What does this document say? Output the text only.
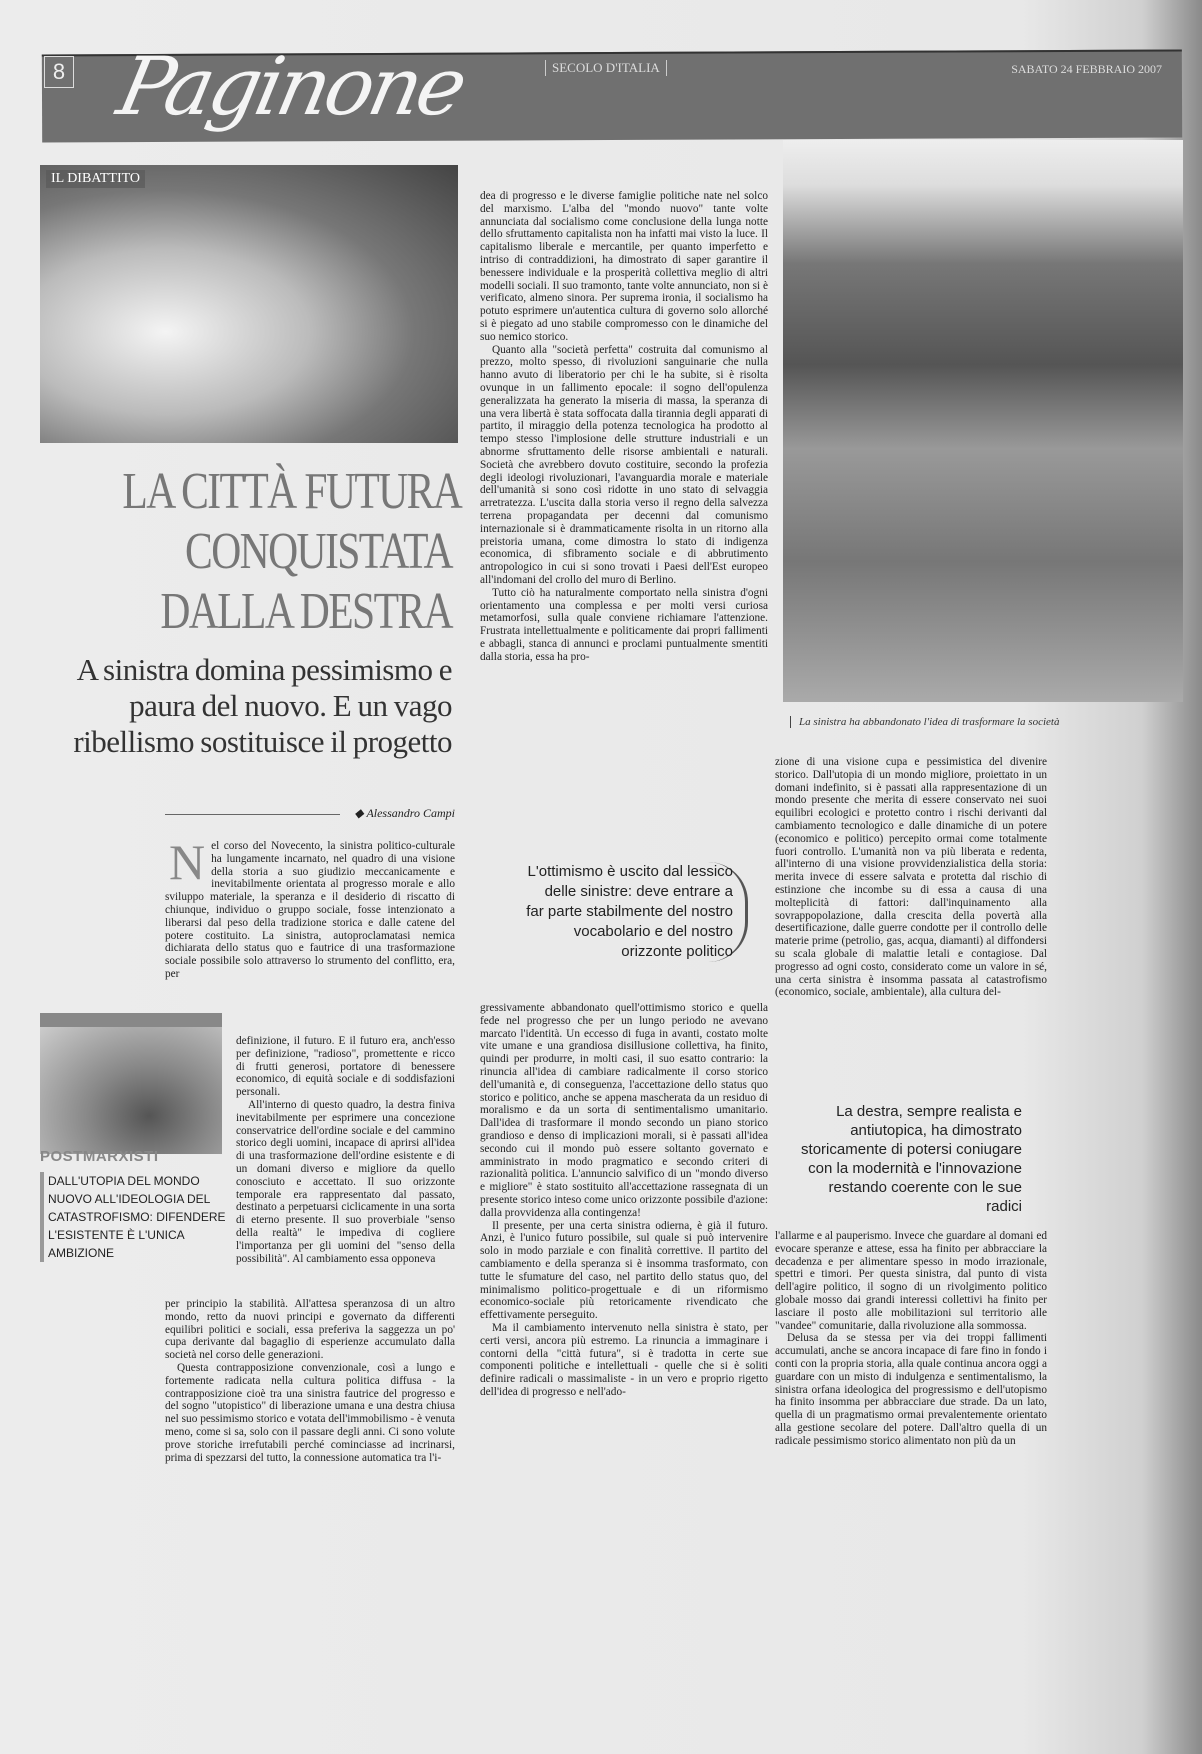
8 Paginone	SECOLO D'ITALIA	SABATO 24 FEBBRAIO 2007
IL DIBATTITO
LA CITTÀ FUTURA
CONQUISTATA
DALLA DESTRA
A sinistra domina pessimismo e paura del nuovo. E un vago ribellismo sostituisce il progetto
◆ Alessandro Campi
N el corso del Novecento, la sinistra politico-culturale ha lungamente incarnato, nel quadro di una visione della storia a suo giudizio meccanicamente e inevitabilmente orientata al progresso morale e allo sviluppo materiale, la speranza e il desiderio di riscatto di chiunque, individuo o gruppo sociale, fosse intenzionato a liberarsi dal peso della tradizione storica e dalle catene del potere costituito. La sinistra, autoproclamatasi nemica dichiarata dello status quo e fautrice di una trasformazione sociale possibile solo attraverso lo strumento del conflitto, era, per

definizione, il futuro. E il futuro era, anch'esso per definizione, "radioso", promettente e ricco di frutti generosi, portatore di benessere economico, di equità sociale e di soddisfazioni personali.

All'interno di questo quadro, la destra finiva inevitabilmente per esprimere una concezione conservatrice dell'ordine sociale e del cammino storico degli uomini, incapace di aprirsi all'idea di una trasformazione dell'ordine esistente e di un domani diverso e migliore da quello conosciuto e accettato. Il suo orizzonte temporale era rappresentato dal passato, destinato a perpetuarsi ciclicamente in una sorta di eterno presente. Il suo proverbiale "senso della realtà" le impediva di cogliere l'importanza per gli uomini del "senso della possibilità". Al cambiamento essa opponeva

per principio la stabilità. All'attesa speranzosa di un altro mondo, retto da nuovi principi e governato da differenti equilibri politici e sociali, essa preferiva la saggezza un po' cupa derivante dal bagaglio di esperienze accumulato dalla società nel corso delle generazioni.

Questa contrapposizione convenzionale, così a lungo e fortemente radicata nella cultura politica diffusa - la contrapposizione cioè tra una sinistra fautrice del progresso e del sogno "utopistico" di liberazione umana e una destra chiusa nel suo pessimismo storico e votata dell'immobilismo - è venuta meno, come si sa, solo con il passare degli anni. Ci sono volute prove storiche irrefutabili perché cominciasse ad incrinarsi, prima di spezzarsi del tutto, la connessione automatica tra l'i-

POSTMARXISTI
DALL'UTOPIA DEL MONDO NUOVO ALL'IDEOLOGIA DEL CATASTROFISMO: DIFENDERE L'ESISTENTE È L'UNICA AMBIZIONE

dea di progresso e le diverse famiglie politiche nate nel solco del marxismo. L'alba del "mondo nuovo" tante volte annunciata dal socialismo come conclusione della lunga notte dello sfruttamento capitalista non ha infatti mai visto la luce. Il capitalismo liberale e mercantile, per quanto imperfetto e intriso di contraddizioni, ha dimostrato di saper garantire il benessere individuale e la prosperità collettiva meglio di altri modelli sociali. Il suo tramonto, tante volte annunciato, non si è verificato, almeno sinora. Per suprema ironia, il socialismo ha potuto esprimere un'autentica cultura di governo solo allorché si è piegato ad uno stabile compromesso con le dinamiche del suo nemico storico.

Quanto alla "società perfetta" costruita dal comunismo al prezzo, molto spesso, di rivoluzioni sanguinarie che nulla hanno avuto di liberatorio per chi le ha subite, si è risolta ovunque in un fallimento epocale: il sogno dell'opulenza generalizzata ha generato la miseria di massa, la speranza di una vera libertà è stata soffocata dalla tirannia degli apparati di partito, il miraggio della potenza tecnologica ha prodotto al tempo stesso l'implosione delle strutture industriali e un abnorme sfruttamento delle risorse ambientali e naturali. Società che avrebbero dovuto costituire, secondo la profezia degli ideologi rivoluzionari, l'avanguardia morale e materiale dell'umanità si sono così ridotte in uno stato di selvaggia arretratezza. L'uscita dalla storia verso il regno della salvezza terrena propagandata per decenni dal comunismo internazionale si è drammaticamente risolta in un ritorno alla preistoria umana, come dimostra lo stato di indigenza economica, di sfibramento sociale e di abbrutimento antropologico in cui si sono trovati i Paesi dell'Est europeo all'indomani del crollo del muro di Berlino.

Tutto ciò ha naturalmente comportato nella sinistra d'ogni orientamento una complessa e per molti versi curiosa metamorfosi, sulla quale conviene richiamare l'attenzione. Frustrata intellettualmente e politicamente dai propri fallimenti e abbagli, stanca di annunci e proclami puntualmente smentiti dalla storia, essa ha pro-

L'ottimismo è uscito dal lessico delle sinistre: deve entrare a far parte stabilmente del nostro vocabolario e del nostro orizzonte politico

gressivamente abbandonato quell'ottimismo storico e quella fede nel progresso che per un lungo periodo ne avevano marcato l'identità. Un eccesso di fuga in avanti, costato molte vite umane e una grandiosa disillusione collettiva, ha finito, quindi per produrre, in molti casi, il suo esatto contrario: la rinuncia all'idea di cambiare radicalmente il corso storico dell'umanità e, di conseguenza, l'accettazione dello status quo storico e politico, anche se appena mascherata da un residuo di moralismo e da un sorta di sentimentalismo umanitario. Dall'idea di trasformare il mondo secondo un piano storico grandioso e denso di implicazioni morali, si è passati all'idea secondo cui il mondo può essere soltanto governato e amministrato in modo pragmatico e secondo criteri di razionalità politica. L'annuncio salvifico di un "mondo diverso e migliore" è stato sostituito all'accettazione rassegnata di un presente storico inteso come unico orizzonte possibile d'azione: dalla provvidenza alla contingenza!

Il presente, per una certa sinistra odierna, è già il futuro. Anzi, è l'unico futuro possibile, sul quale si può intervenire solo in modo parziale e con finalità correttive. Il partito del cambiamento e della speranza si è insomma trasformato, con tutte le sfumature del caso, nel partito dello status quo, del minimalismo politico-progettuale e di un riformismo economico-sociale più retoricamente rivendicato che effettivamente perseguito.

Ma il cambiamento intervenuto nella sinistra è stato, per certi versi, ancora più estremo. La rinuncia a immaginare i contorni della "città futura", si è tradotta in certe sue componenti politiche e intellettuali - quelle che si è soliti definire radicali o massimaliste - in un vero e proprio rigetto dell'idea di progresso e nell'ado-

La sinistra ha abbandonato l'idea di trasformare la società

zione di una visione cupa e pessimistica del divenire storico. Dall'utopia di un mondo migliore, proiettato in un domani indefinito, si è passati alla rappresentazione di un mondo presente che merita di essere conservato nei suoi equilibri ecologici e protetto contro i rischi derivanti dal cambiamento tecnologico e dalle dinamiche di un potere (economico e politico) percepito ormai come totalmente fuori controllo. L'umanità non va più liberata e redenta, all'interno di una visione provvidenzialistica della storia: merita invece di essere salvata e protetta dal rischio di estinzione che incombe su di essa a causa di una molteplicità di fattori: dall'inquinamento alla sovrappopolazione, dalla crescita della povertà alla desertificazione, dalle guerre condotte per il controllo delle materie prime (petrolio, gas, acqua, diamanti) al diffondersi su scala globale di malattie letali e contagiose. Dal progresso ad ogni costo, considerato come un valore in sé, una certa sinistra è insomma passata al catastrofismo (economico, sociale, ambientale), alla cultura del-

La destra, sempre realista e antiutopica, ha dimostrato storicamente di potersi coniugare con la modernità e l'innovazione restando coerente con le sue radici

l'allarme e al pauperismo. Invece che guardare al domani ed evocare speranze e attese, essa ha finito per abbracciare la decadenza e per alimentare spesso in modo irrazionale, spettri e timori. Per questa sinistra, dal punto di vista dell'agire politico, il sogno di un rivolgimento politico globale mosso dai grandi interessi collettivi ha finito per lasciare il posto alle mobilitazioni sul territorio alle "vandee" comunitarie, dalla rivoluzione alla sommossa.

Delusa da se stessa per via dei troppi fallimenti accumulati, anche se ancora incapace di fare fino in fondo i conti con la propria storia, alla quale continua ancora oggi a guardare con un misto di indulgenza e sentimentalismo, la sinistra orfana ideologica del progressismo e dell'utopismo ha finito insomma per abbracciare due strade. Da un lato, quella di un pragmatismo ormai prevalentemente orientato alla gestione secolare del potere. Dall'altro quella di un radicale pessimismo storico alimentato non più da un
